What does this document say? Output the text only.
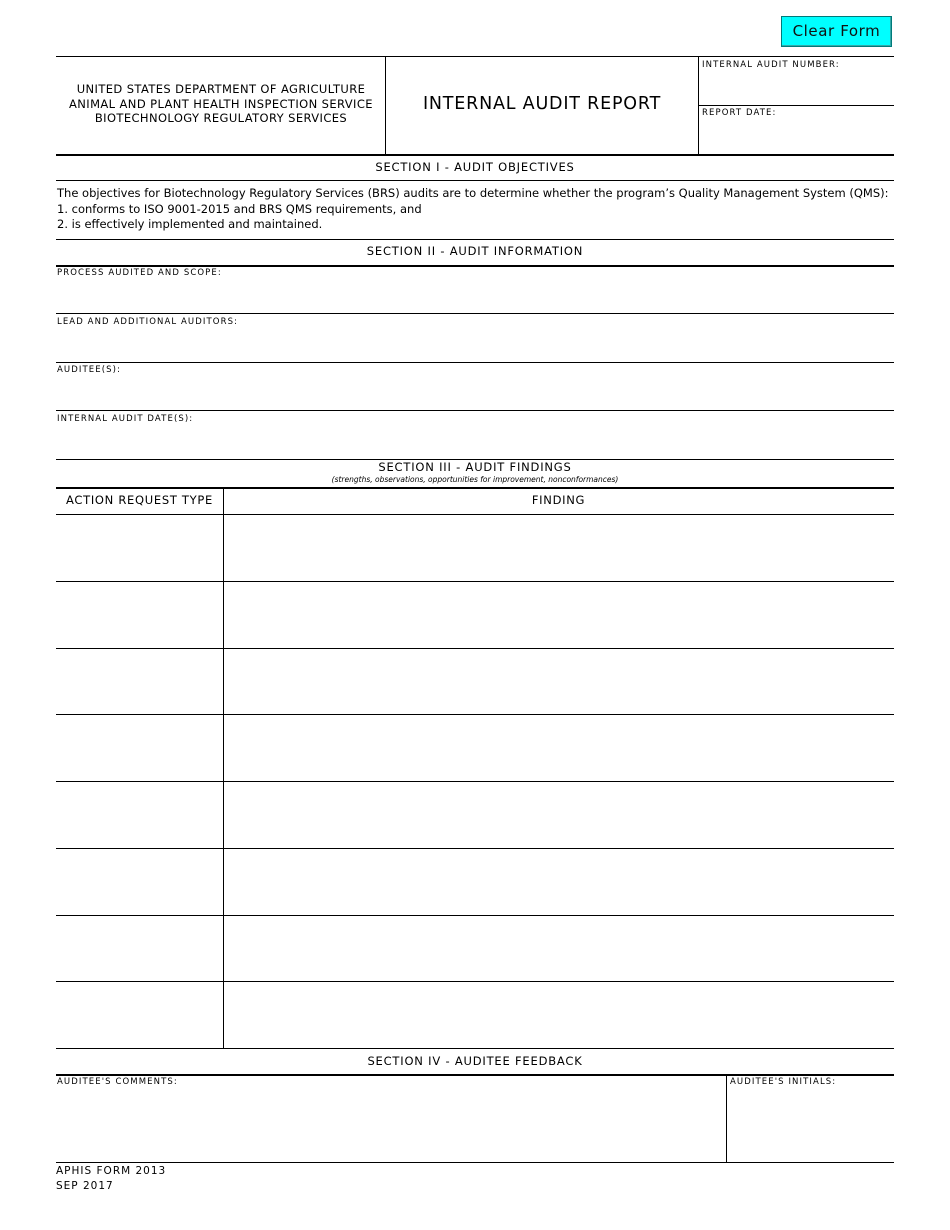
Clear Form
UNITED STATES DEPARTMENT OF AGRICULTURE
ANIMAL AND PLANT HEALTH INSPECTION SERVICE
BIOTECHNOLOGY REGULATORY SERVICES
INTERNAL AUDIT REPORT
INTERNAL AUDIT NUMBER:
REPORT DATE:
SECTION I - AUDIT OBJECTIVES
The objectives for Biotechnology Regulatory Services (BRS) audits are to determine whether the program’s Quality Management System (QMS):
1. conforms to ISO 9001-2015 and BRS QMS requirements, and
2. is effectively implemented and maintained.
SECTION II - AUDIT INFORMATION
PROCESS AUDITED AND SCOPE:
LEAD AND ADDITIONAL AUDITORS:
AUDITEE(S):
INTERNAL AUDIT DATE(S):
SECTION III - AUDIT FINDINGS
(strengths, observations, opportunities for improvement, nonconformances)
ACTION REQUEST TYPE	FINDING
SECTION IV - AUDITEE FEEDBACK
AUDITEE'S COMMENTS:	AUDITEE'S INITIALS:
APHIS FORM 2013
SEP 2017
